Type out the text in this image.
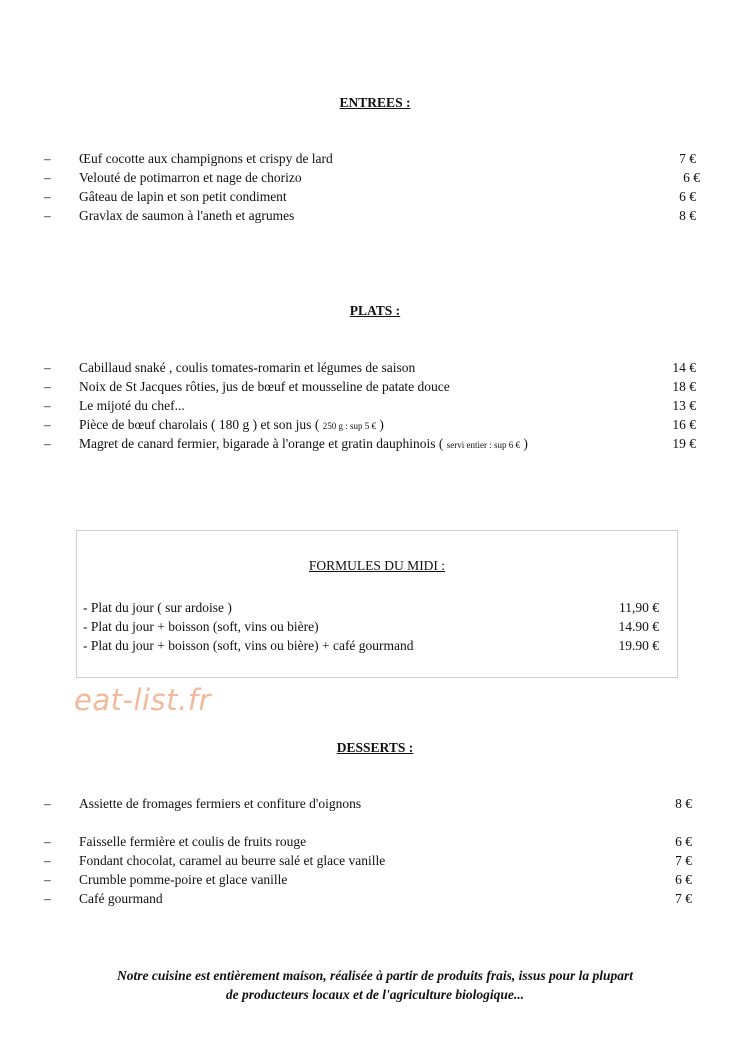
ENTREES :
– Œuf cocotte aux champignons et crispy de lard	7 €
– Velouté de potimarron et nage de chorizo	6 €
– Gâteau de lapin et son petit condiment	6 €
– Gravlax de saumon à l'aneth et agrumes	8 €
PLATS :
– Cabillaud snaké , coulis tomates-romarin et légumes de saison	14 €
– Noix de St Jacques rôties, jus de bœuf et mousseline de patate douce	18 €
– Le mijoté du chef...	13 €
– Pièce de bœuf charolais ( 180 g ) et son jus ( 250 g : sup 5 € )	16 €
– Magret de canard fermier, bigarade à l'orange et gratin dauphinois ( servi entier : sup 6 € )	19 €
FORMULES DU MIDI :
- Plat du jour ( sur ardoise )	11,90 €
- Plat du jour + boisson (soft, vins ou bière)	14.90 €
- Plat du jour + boisson (soft, vins ou bière) + café gourmand	19.90 €
eat-list.fr
DESSERTS :
– Assiette de fromages fermiers et confiture d'oignons	8 €
– Faisselle fermière et coulis de fruits rouge	6 €
– Fondant chocolat, caramel au beurre salé et glace vanille	7 €
– Crumble pomme-poire et glace vanille	6 €
– Café gourmand	7 €
Notre cuisine est entièrement maison, réalisée à partir de produits frais, issus pour la plupart
de producteurs locaux et de l'agriculture biologique...
